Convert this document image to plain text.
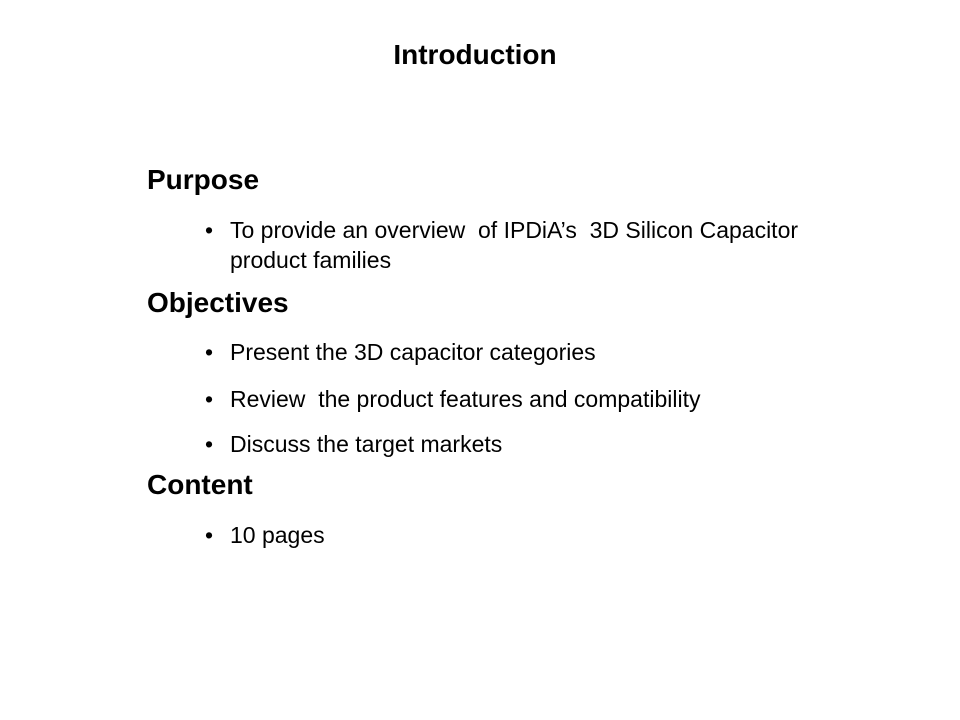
Introduction
Purpose
• To provide an overview  of IPDiA’s  3D Silicon Capacitor product families
Objectives
• Present the 3D capacitor categories
• Review  the product features and compatibility
• Discuss the target markets
Content
• 10 pages
